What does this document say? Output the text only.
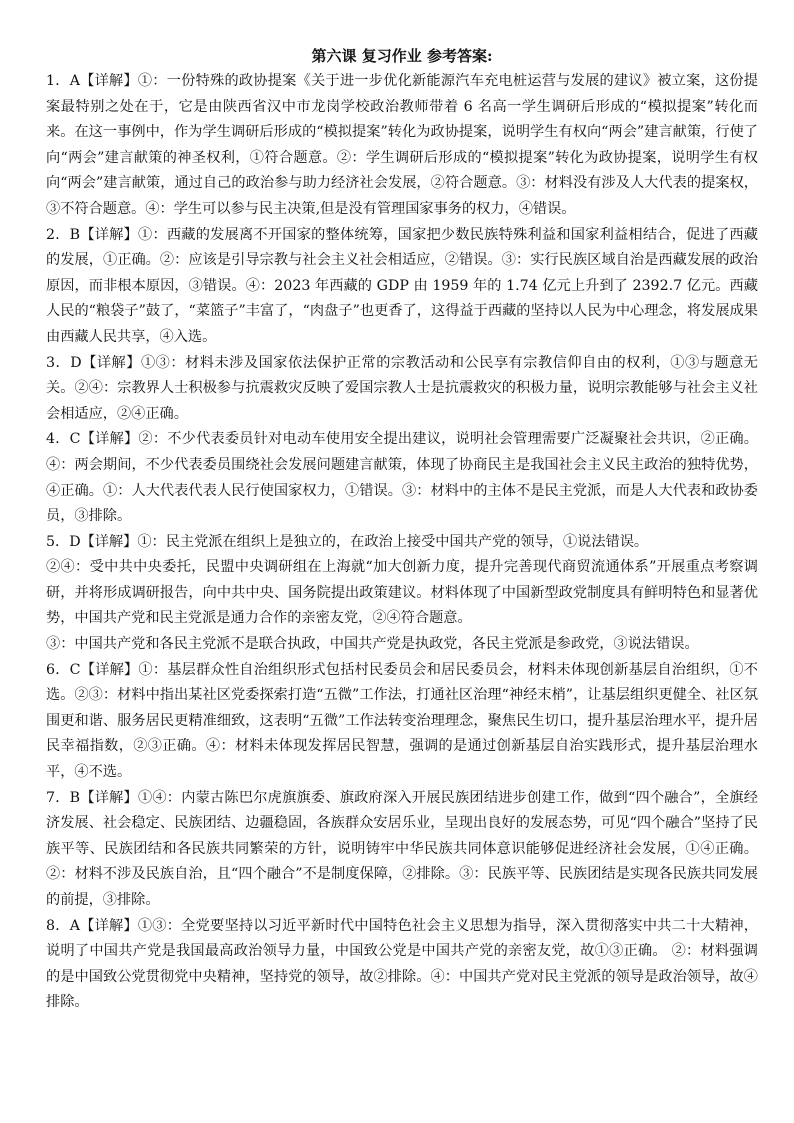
第六课 复习作业 参考答案:

1．A【详解】①：一份特殊的政协提案《关于进一步优化新能源汽车充电桩运营与发展的建议》被立案，这份提案最特别之处在于，它是由陕西省汉中市龙岗学校政治教师带着 6 名高一学生调研后形成的“模拟提案”转化而来。在这一事例中，作为学生调研后形成的“模拟提案”转化为政协提案，说明学生有权向“两会”建言献策，行使了向“两会”建言献策的神圣权利，①符合题意。②：学生调研后形成的“模拟提案”转化为政协提案，说明学生有权向“两会”建言献策，通过自己的政治参与助力经济社会发展，②符合题意。③：材料没有涉及人大代表的提案权，③不符合题意。④：学生可以参与民主决策,但是没有管理国家事务的权力，④错误。

2．B【详解】①：西藏的发展离不开国家的整体统筹，国家把少数民族特殊利益和国家利益相结合，促进了西藏的发展，①正确。②：应该是引导宗教与社会主义社会相适应，②错误。③：实行民族区域自治是西藏发展的政治原因，而非根本原因，③错误。④：2023 年西藏的 GDP 由 1959 年的 1.74 亿元上升到了 2392.7 亿元。西藏人民的“粮袋子”鼓了，“菜篮子”丰富了，“肉盘子”也更香了，这得益于西藏的坚持以人民为中心理念，将发展成果由西藏人民共享，④入选。

3．D【详解】①③：材料未涉及国家依法保护正常的宗教活动和公民享有宗教信仰自由的权利，①③与题意无关。②④：宗教界人士积极参与抗震救灾反映了爱国宗教人士是抗震救灾的积极力量，说明宗教能够与社会主义社会相适应，②④正确。

4．C【详解】②：不少代表委员针对电动车使用安全提出建议，说明社会管理需要广泛凝聚社会共识，②正确。④：两会期间，不少代表委员围绕社会发展问题建言献策，体现了协商民主是我国社会主义民主政治的独特优势，④正确。①：人大代表代表人民行使国家权力，①错误。③：材料中的主体不是民主党派，而是人大代表和政协委员，③排除。

5．D【详解】①：民主党派在组织上是独立的，在政治上接受中国共产党的领导，①说法错误。

②④：受中共中央委托，民盟中央调研组在上海就“加大创新力度，提升完善现代商贸流通体系”开展重点考察调研，并将形成调研报告，向中共中央、国务院提出政策建议。材料体现了中国新型政党制度具有鲜明特色和显著优势，中国共产党和民主党派是通力合作的亲密友党，②④符合题意。

③：中国共产党和各民主党派不是联合执政，中国共产党是执政党，各民主党派是参政党，③说法错误。

6．C【详解】①：基层群众性自治组织形式包括村民委员会和居民委员会，材料未体现创新基层自治组织，①不选。②③：材料中指出某社区党委探索打造“五微”工作法，打通社区治理“神经末梢”，让基层组织更健全、社区氛围更和谐、服务居民更精准细致，这表明“五微”工作法转变治理理念，聚焦民生切口，提升基层治理水平，提升居民幸福指数，②③正确。④：材料未体现发挥居民智慧，强调的是通过创新基层自治实践形式，提升基层治理水平，④不选。

7．B【详解】①④：内蒙古陈巴尔虎旗旗委、旗政府深入开展民族团结进步创建工作，做到“四个融合”，全旗经济发展、社会稳定、民族团结、边疆稳固，各族群众安居乐业，呈现出良好的发展态势，可见“四个融合”坚持了民族平等、民族团结和各民族共同繁荣的方针，说明铸牢中华民族共同体意识能够促进经济社会发展，①④正确。②：材料不涉及民族自治，且“四个融合”不是制度保障，②排除。③：民族平等、民族团结是实现各民族共同发展的前提，③排除。

8．A【详解】①③：全党要坚持以习近平新时代中国特色社会主义思想为指导，深入贯彻落实中共二十大精神，说明了中国共产党是我国最高政治领导力量，中国致公党是中国共产党的亲密友党，故①③正确。 ②：材料强调的是中国致公党贯彻党中央精神，坚持党的领导，故②排除。④：中国共产党对民主党派的领导是政治领导，故④排除。
